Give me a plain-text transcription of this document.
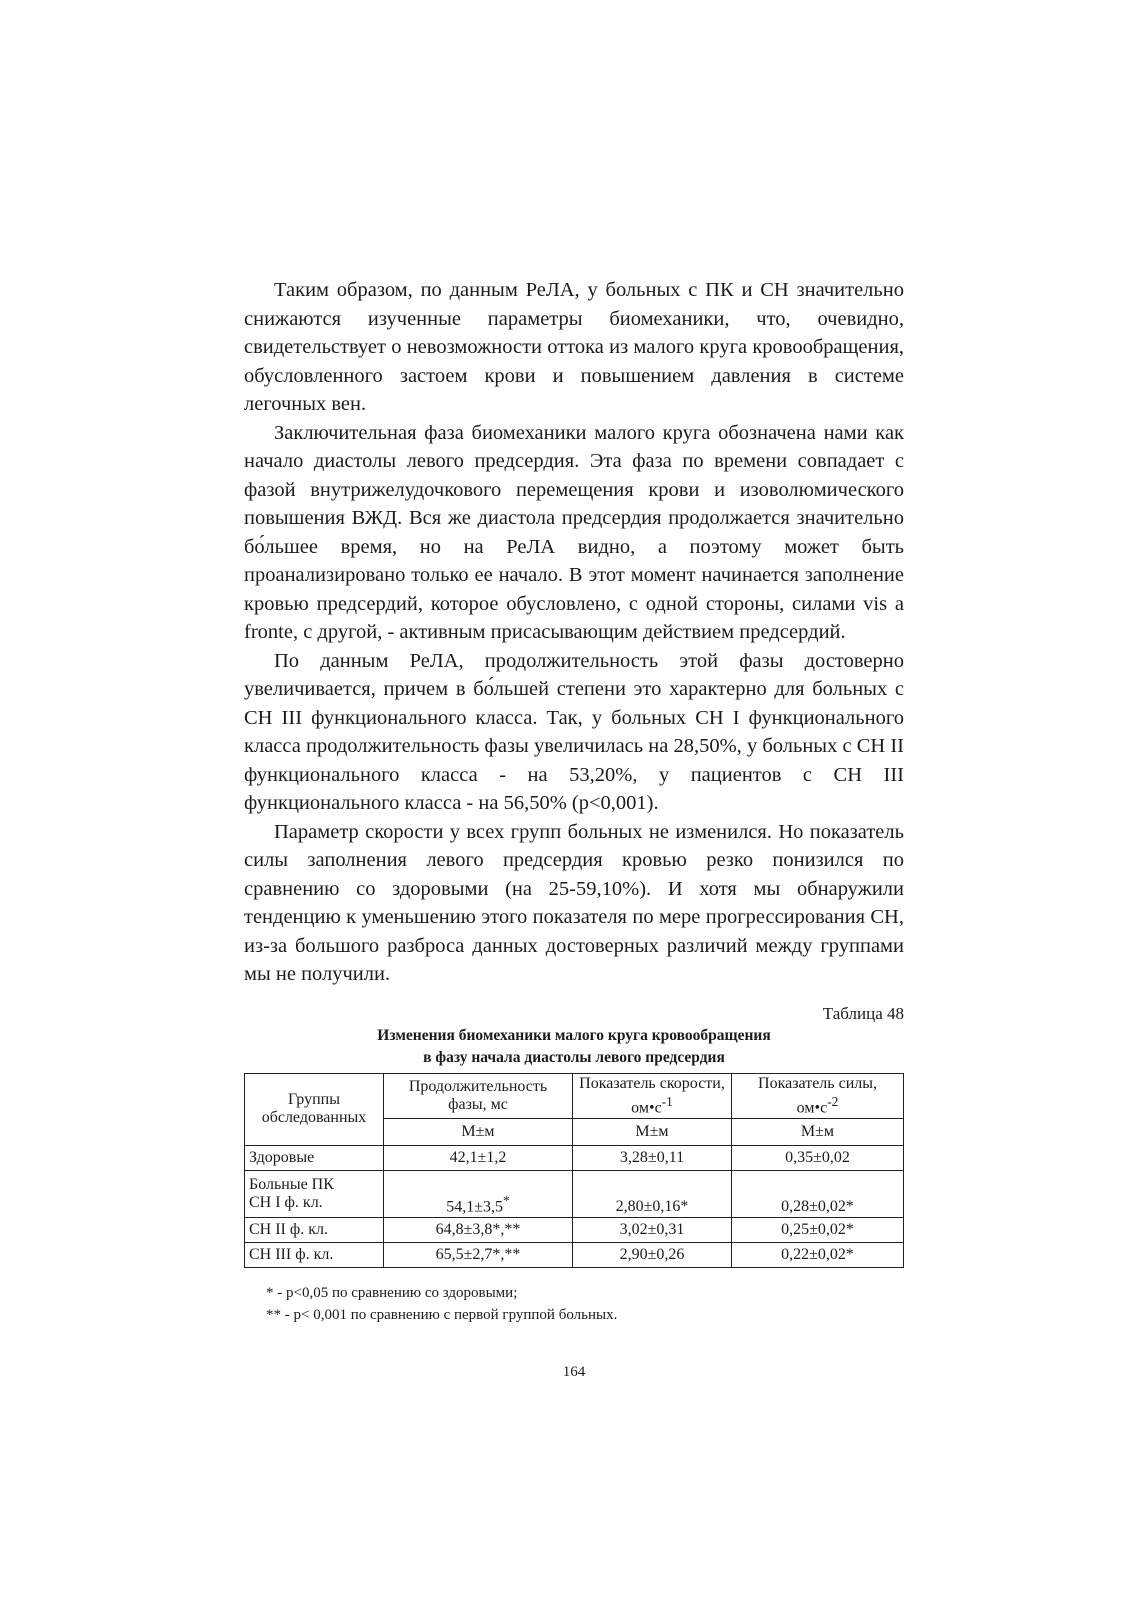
Таким образом, по данным РеЛА, у больных с ПК и СН значительно снижаются изученные параметры биомеханики, что, очевидно, свидетельствует о невозможности оттока из малого круга кровообращения, обусловленного застоем крови и повышением давления в системе легочных вен.

Заключительная фаза биомеханики малого круга обозначена нами как начало диастолы левого предсердия. Эта фаза по времени совпадает с фазой внутрижелудочкового перемещения крови и изоволюмического повышения ВЖД. Вся же диастола предсердия продолжается значительно бо́льшее время, но на РеЛА видно, а поэтому может быть проанализировано только ее начало. В этот момент начинается заполнение кровью предсердий, которое обусловлено, с одной стороны, силами vis a fronte, с другой, - активным присасывающим действием предсердий.

По данным РеЛА, продолжительность этой фазы достоверно увеличивается, причем в бо́льшей степени это характерно для больных с СН III функционального класса. Так, у больных СН I функционального класса продолжительность фазы увеличилась на 28,50%, у больных с СН II функционального класса - на 53,20%, у пациентов с СН III функционального класса - на 56,50% (p<0,001).

Параметр скорости у всех групп больных не изменился. Но показатель силы заполнения левого предсердия кровью резко понизился по сравнению со здоровыми (на 25-59,10%). И хотя мы обнаружили тенденцию к уменьшению этого показателя по мере прогрессирования СН, из-за большого разброса данных достоверных различий между группами мы не получили.

Таблица 48
Изменения биомеханики малого круга кровообращения
в фазу начала диастолы левого предсердия
Группы обследованных	Продолжительность фазы, мс	Показатель скорости, $ом•с^{-1}$	Показатель силы, $ом•с^{-2}$
	М±м	М±м	М±м
Здоровые	42,1±1,2	3,28±0,11	0,35±0,02

Больные ПК
СН I ф. кл.	54,1±3,5*	2,80±0,16*	0,28±0,02*
СН II ф. кл.	64,8±3,8*,**	3,02±0,31	0,25±0,02*
СН III ф. кл.	65,5±2,7*,**	2,90±0,26	0,22±0,02*
* - p<0,05 по сравнению со здоровыми;
** - p< 0,001 по сравнению с первой группой больных.
164
